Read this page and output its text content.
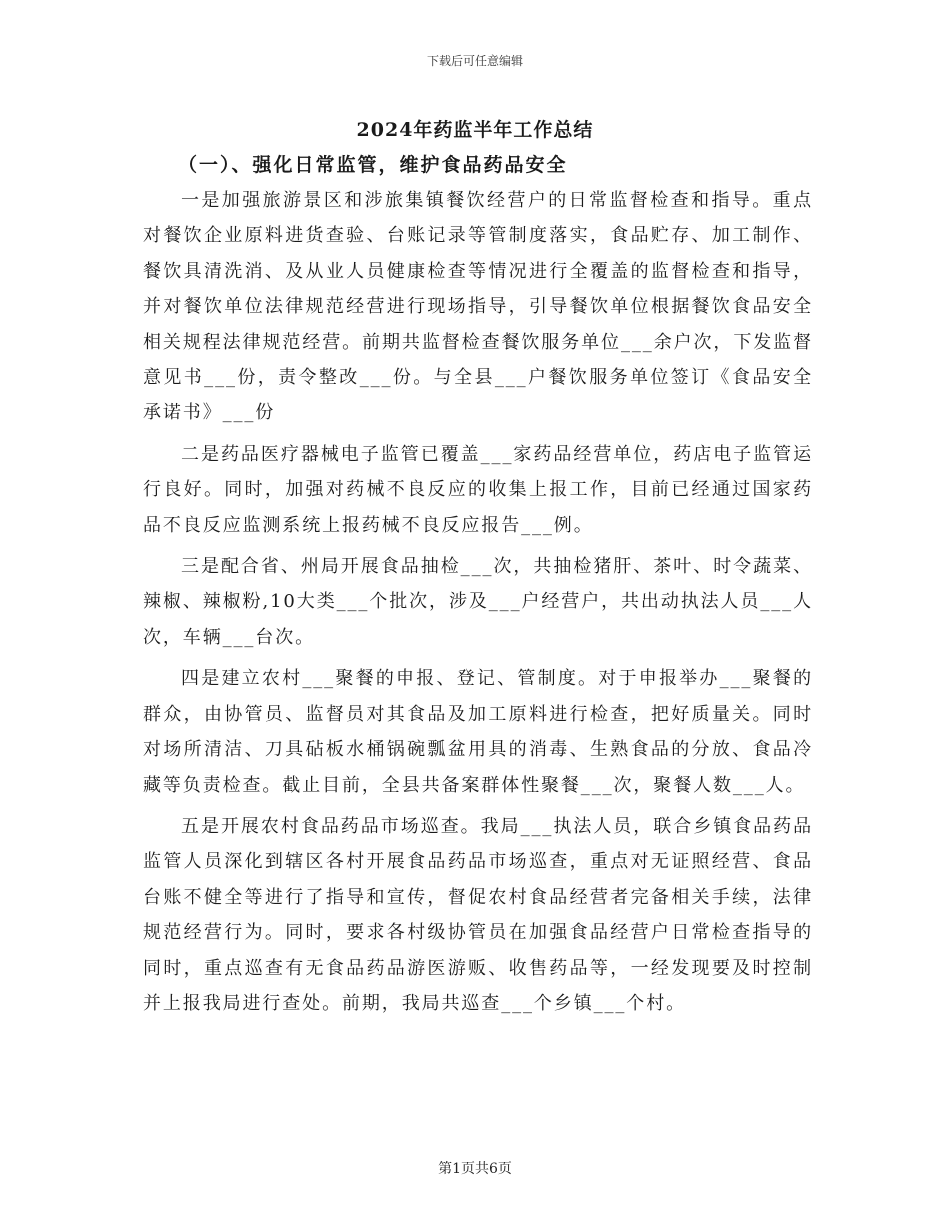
下载后可任意编辑
2024年药监半年工作总结
（一）、强化日常监管，维护食品药品安全

一是加强旅游景区和涉旅集镇餐饮经营户的日常监督检查和指导。重点对餐饮企业原料进货查验、台账记录等管制度落实，食品贮存、加工制作、餐饮具清洗消、及从业人员健康检查等情况进行全覆盖的监督检查和指导，并对餐饮单位法律规范经营进行现场指导，引导餐饮单位根据餐饮食品安全相关规程法律规范经营。前期共监督检查餐饮服务单位___余户次，下发监督意见书___份，责令整改___份。与全县___户餐饮服务单位签订《食品安全承诺书》___份

二是药品医疗器械电子监管已覆盖___家药品经营单位，药店电子监管运行良好。同时，加强对药械不良反应的收集上报工作，目前已经通过国家药品不良反应监测系统上报药械不良反应报告___例。

三是配合省、州局开展食品抽检___次，共抽检猪肝、茶叶、时令蔬菜、辣椒、辣椒粉,10大类___个批次，涉及___户经营户，共出动执法人员___人次，车辆___台次。

四是建立农村___聚餐的申报、登记、管制度。对于申报举办___聚餐的群众，由协管员、监督员对其食品及加工原料进行检查，把好质量关。同时对场所清洁、刀具砧板水桶锅碗瓢盆用具的消毒、生熟食品的分放、食品冷藏等负责检查。截止目前，全县共备案群体性聚餐___次，聚餐人数___人。

五是开展农村食品药品市场巡查。我局___执法人员，联合乡镇食品药品监管人员深化到辖区各村开展食品药品市场巡查，重点对无证照经营、食品台账不健全等进行了指导和宣传，督促农村食品经营者完备相关手续，法律规范经营行为。同时，要求各村级协管员在加强食品经营户日常检查指导的同时，重点巡查有无食品药品游医游贩、收售药品等，一经发现要及时控制并上报我局进行查处。前期，我局共巡查___个乡镇___个村。

第1页共6页
